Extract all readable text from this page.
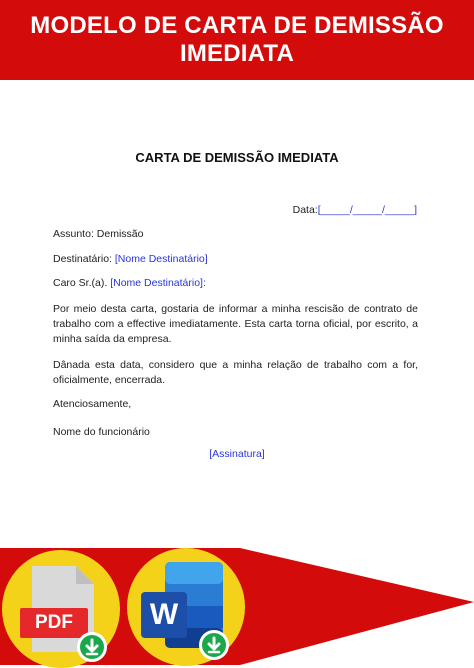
MODELO DE CARTA DE DEMISSÃO
IMEDIATA
CARTA DE DEMISSÃO IMEDIATA
Data:[_____/_____/_____]
Assunto: Demissão
Destinatário: [Nome Destinatário]
Caro Sr.(a). [Nome Destinatário]:
Por meio desta carta, gostaria de informar a minha rescisão de contrato de trabalho com a effective imediatamente. Esta carta torna oficial, por escrito, a minha saída da empresa.
Dânada esta data, considero que a minha relação de trabalho com a for, oficialmente, encerrada.
Atenciosamente,
Nome do funcionário
[Assinatura]
PDF	W
